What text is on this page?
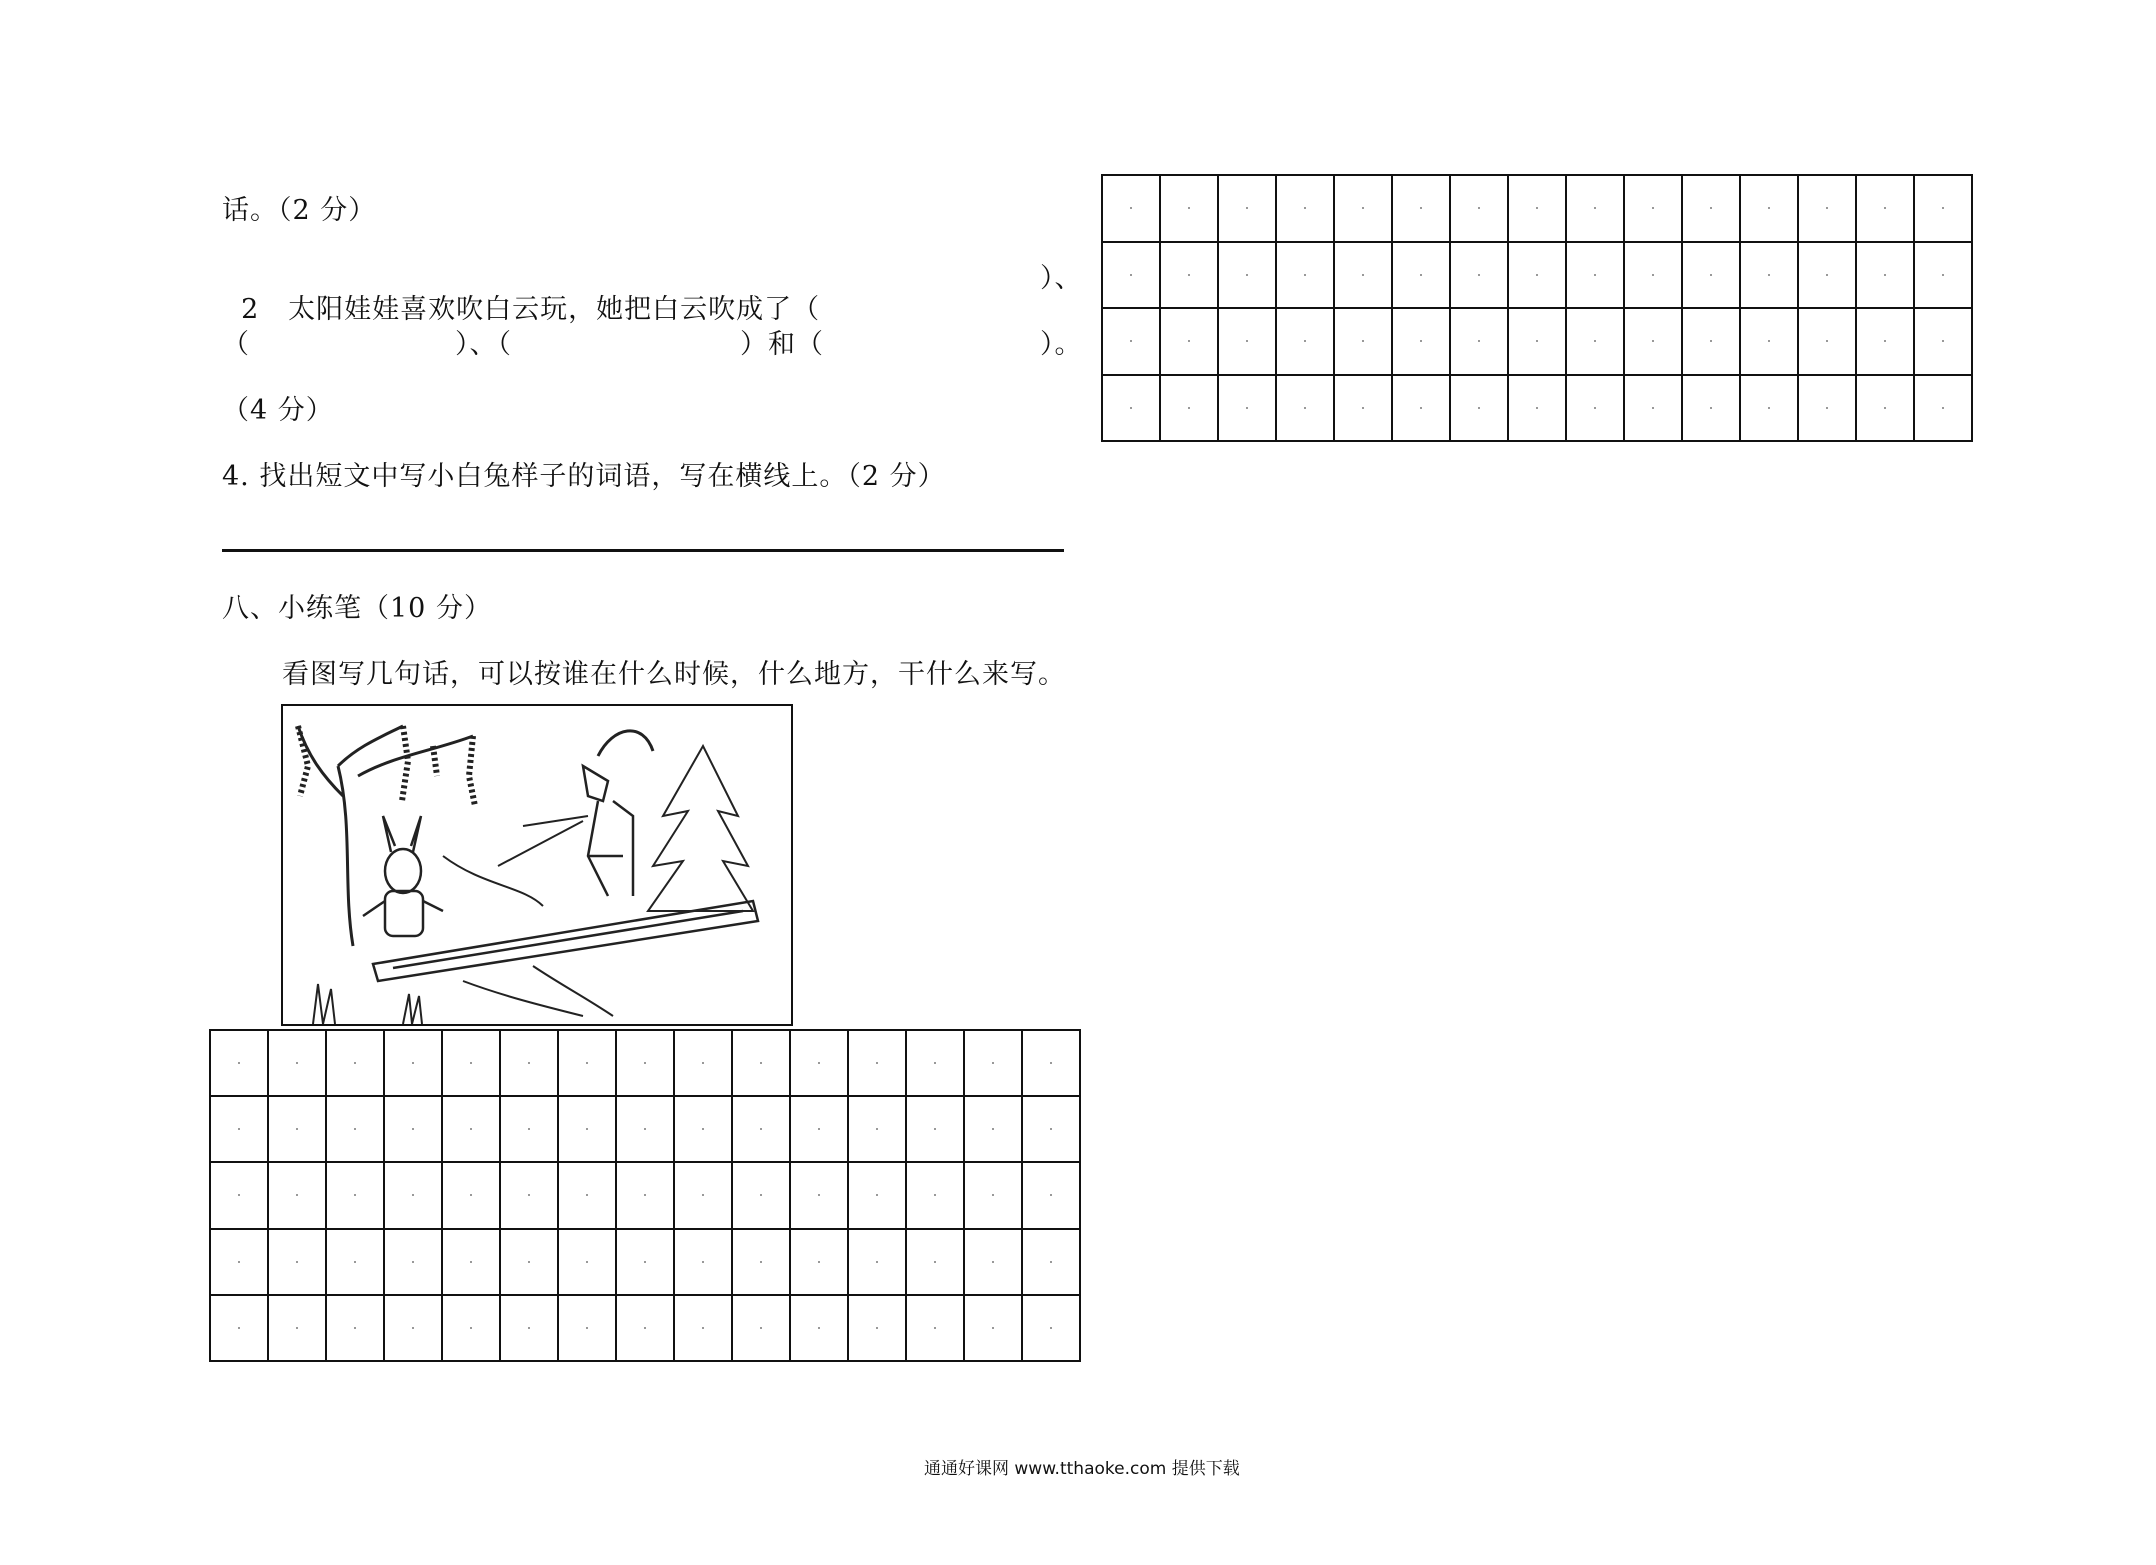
话。（2 分）

2   太阳娃娃喜欢吹白云玩，她把白云吹成了（

）、
（	）、（	）和（	）。
（4 分）
4. 找出短文中写小白兔样子的词语，写在横线上。（2 分）
八、小练笔（10 分）
看图写几句话，可以按谁在什么时候，什么地方，干什么来写。

通通好课网 www.tthaoke.com 提供下载
